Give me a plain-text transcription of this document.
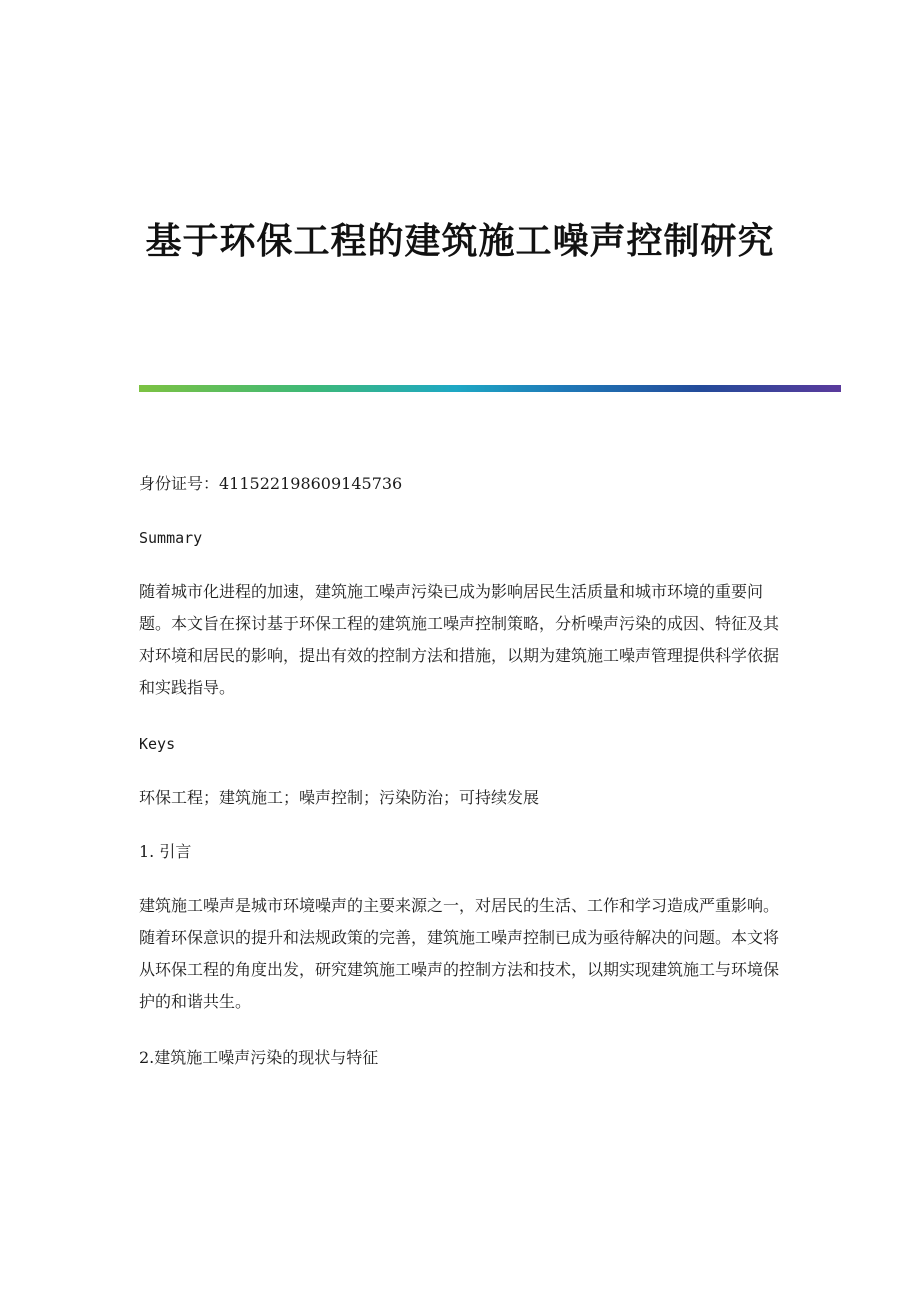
基于环保工程的建筑施工噪声控制研究

身份证号：411522198609145736

Summary

随着城市化进程的加速，建筑施工噪声污染已成为影响居民生活质量和城市环境的重要问题。本文旨在探讨基于环保工程的建筑施工噪声控制策略，分析噪声污染的成因、特征及其对环境和居民的影响，提出有效的控制方法和措施，以期为建筑施工噪声管理提供科学依据和实践指导。

Keys

环保工程；建筑施工；噪声控制；污染防治；可持续发展

1. 引言

建筑施工噪声是城市环境噪声的主要来源之一，对居民的生活、工作和学习造成严重影响。随着环保意识的提升和法规政策的完善，建筑施工噪声控制已成为亟待解决的问题。本文将从环保工程的角度出发，研究建筑施工噪声的控制方法和技术，以期实现建筑施工与环境保护的和谐共生。

2.建筑施工噪声污染的现状与特征
